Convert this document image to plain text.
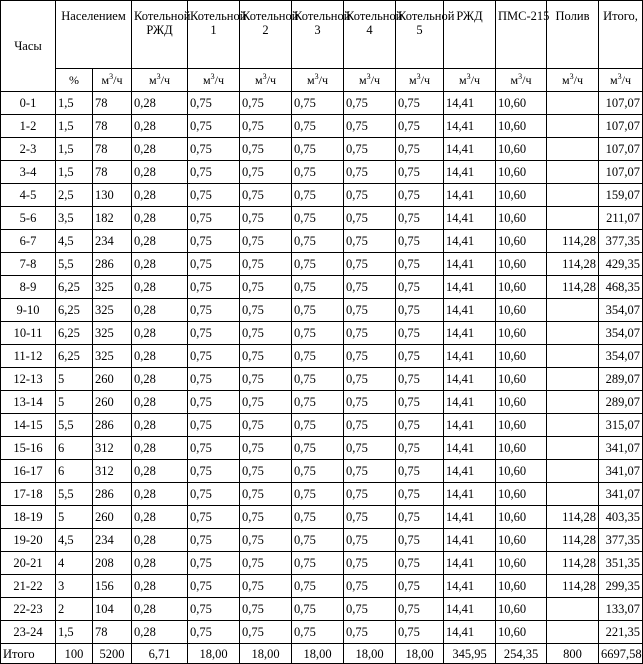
Часы	Населением		Котельной РЖД	Котельной 1	Котельной 2	Котельной 3	Котельной 4	Котельной 5	РЖД	ПМС-215	Полив	Итого,
	%	$м^3/ч$	$м^3/ч$	$м^3/ч$	$м^3/ч$	$м^3/ч$	$м^3/ч$	$м^3/ч$	$м^3/ч$	$м^3/ч$	$м^3/ч$	$м^3/ч$
0-1	1,5	78	0,28	0,75	0,75	0,75	0,75	0,75	14,41	10,60		107,07
1-2	1,5	78	0,28	0,75	0,75	0,75	0,75	0,75	14,41	10,60		107,07
2-3	1,5	78	0,28	0,75	0,75	0,75	0,75	0,75	14,41	10,60		107,07
3-4	1,5	78	0,28	0,75	0,75	0,75	0,75	0,75	14,41	10,60		107,07
4-5	2,5	130	0,28	0,75	0,75	0,75	0,75	0,75	14,41	10,60		159,07
5-6	3,5	182	0,28	0,75	0,75	0,75	0,75	0,75	14,41	10,60		211,07
6-7	4,5	234	0,28	0,75	0,75	0,75	0,75	0,75	14,41	10,60	114,28	377,35
7-8	5,5	286	0,28	0,75	0,75	0,75	0,75	0,75	14,41	10,60	114,28	429,35
8-9	6,25	325	0,28	0,75	0,75	0,75	0,75	0,75	14,41	10,60	114,28	468,35
9-10	6,25	325	0,28	0,75	0,75	0,75	0,75	0,75	14,41	10,60		354,07
10-11	6,25	325	0,28	0,75	0,75	0,75	0,75	0,75	14,41	10,60		354,07
11-12	6,25	325	0,28	0,75	0,75	0,75	0,75	0,75	14,41	10,60		354,07
12-13	5	260	0,28	0,75	0,75	0,75	0,75	0,75	14,41	10,60		289,07
13-14	5	260	0,28	0,75	0,75	0,75	0,75	0,75	14,41	10,60		289,07
14-15	5,5	286	0,28	0,75	0,75	0,75	0,75	0,75	14,41	10,60		315,07
15-16	6	312	0,28	0,75	0,75	0,75	0,75	0,75	14,41	10,60		341,07
16-17	6	312	0,28	0,75	0,75	0,75	0,75	0,75	14,41	10,60		341,07
17-18	5,5	286	0,28	0,75	0,75	0,75	0,75	0,75	14,41	10,60		341,07
18-19	5	260	0,28	0,75	0,75	0,75	0,75	0,75	14,41	10,60	114,28	403,35
19-20	4,5	234	0,28	0,75	0,75	0,75	0,75	0,75	14,41	10,60	114,28	377,35
20-21	4	208	0,28	0,75	0,75	0,75	0,75	0,75	14,41	10,60	114,28	351,35
21-22	3	156	0,28	0,75	0,75	0,75	0,75	0,75	14,41	10,60	114,28	299,35
22-23	2	104	0,28	0,75	0,75	0,75	0,75	0,75	14,41	10,60		133,07
23-24	1,5	78	0,28	0,75	0,75	0,75	0,75	0,75	14,41	10,60		221,35
Итого	100	5200	6,71	18,00	18,00	18,00	18,00	18,00	345,95	254,35	800	6697,58
